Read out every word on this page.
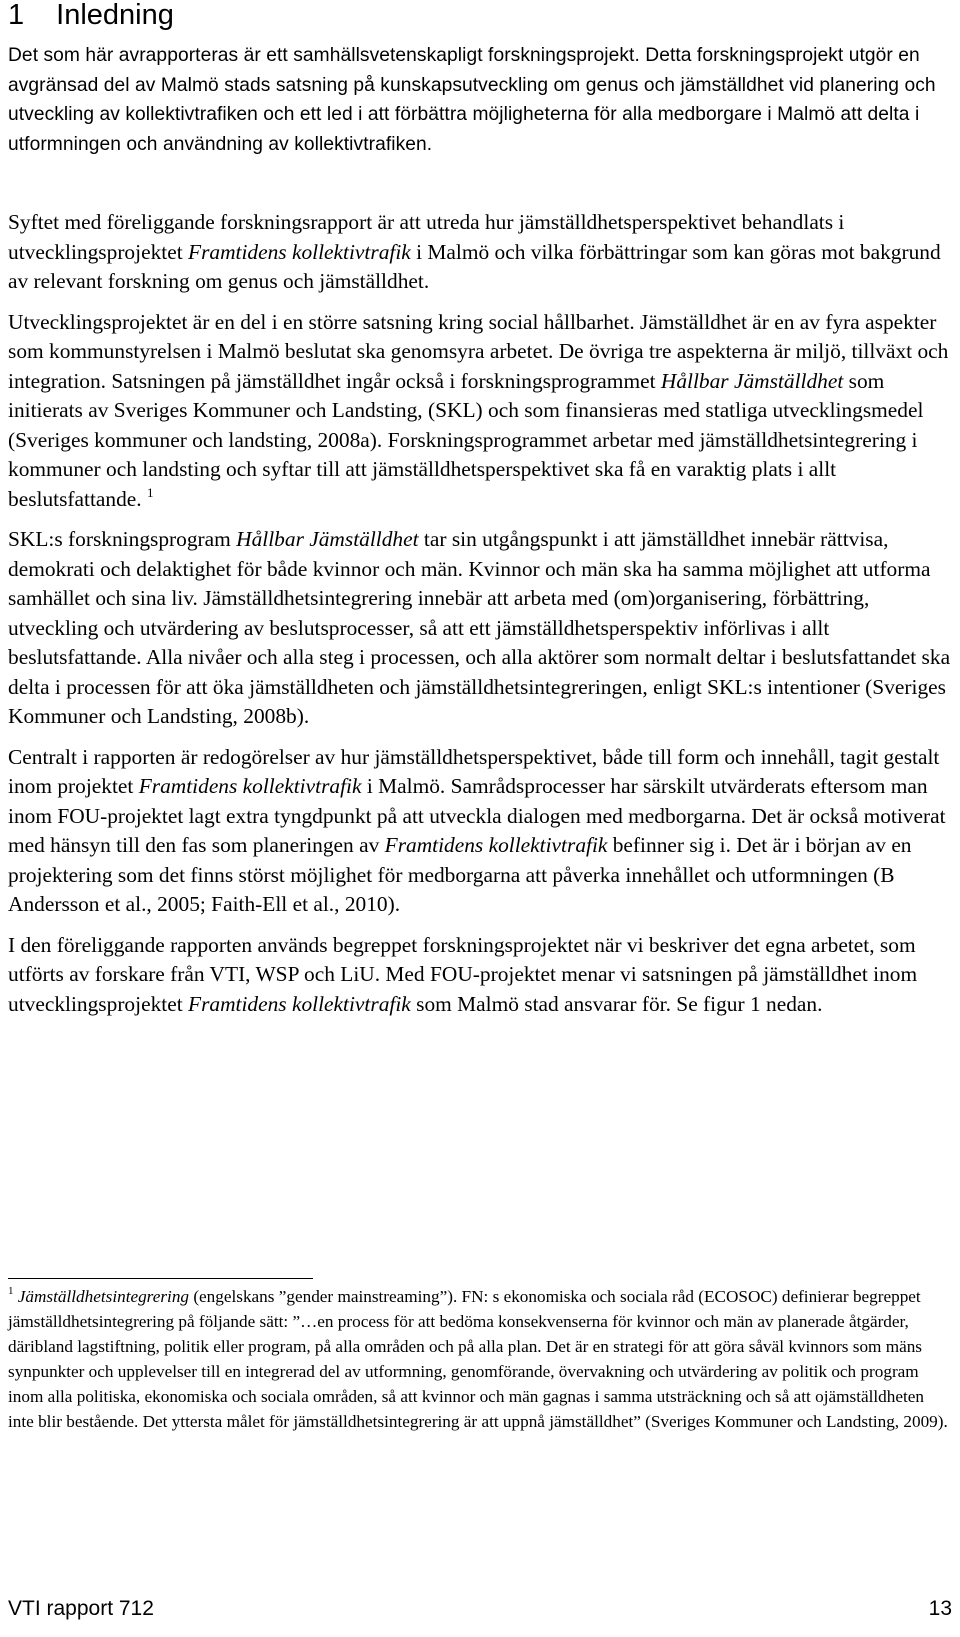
1 Inledning

Det som här avrapporteras är ett samhällsvetenskapligt forskningsprojekt. Detta forskningsprojekt utgör en avgränsad del av Malmö stads satsning på kunskapsutveckling om genus och jämställdhet vid planering och utveckling av kollektivtrafiken och ett led i att förbättra möjligheterna för alla medborgare i Malmö att delta i utformningen och användning av kollektivtrafiken.

Syftet med föreliggande forskningsrapport är att utreda hur jämställdhetsperspektivet behandlats i utvecklingsprojektet Framtidens kollektivtrafik i Malmö och vilka förbättringar som kan göras mot bakgrund av relevant forskning om genus och jämställdhet.

Utvecklingsprojektet är en del i en större satsning kring social hållbarhet. Jämställdhet är en av fyra aspekter som kommunstyrelsen i Malmö beslutat ska genomsyra arbetet. De övriga tre aspekterna är miljö, tillväxt och integration. Satsningen på jämställdhet ingår också i forskningsprogrammet Hållbar Jämställdhet som initierats av Sveriges Kommuner och Landsting, (SKL) och som finansieras med statliga utvecklingsmedel (Sveriges kommuner och landsting, 2008a). Forskningsprogrammet arbetar med jämställdhetsintegrering i kommuner och landsting och syftar till att jämställdhetsperspektivet ska få en varaktig plats i allt beslutsfattande. $^1$

SKL:s forskningsprogram Hållbar Jämställdhet tar sin utgångspunkt i att jämställdhet innebär rättvisa, demokrati och delaktighet för både kvinnor och män. Kvinnor och män ska ha samma möjlighet att utforma samhället och sina liv. Jämställdhetsintegrering innebär att arbeta med (om)organisering, förbättring, utveckling och utvärdering av beslutsprocesser, så att ett jämställdhetsperspektiv införlivas i allt beslutsfattande. Alla nivåer och alla steg i processen, och alla aktörer som normalt deltar i beslutsfattandet ska delta i processen för att öka jämställdheten och jämställdhetsintegreringen, enligt SKL:s intentioner (Sveriges Kommuner och Landsting, 2008b).

Centralt i rapporten är redogörelser av hur jämställdhetsperspektivet, både till form och innehåll, tagit gestalt inom projektet Framtidens kollektivtrafik i Malmö. Samrådsprocesser har särskilt utvärderats eftersom man inom FOU-projektet lagt extra tyngdpunkt på att utveckla dialogen med medborgarna. Det är också motiverat med hänsyn till den fas som planeringen av Framtidens kollektivtrafik befinner sig i. Det är i början av en projektering som det finns störst möjlighet för medborgarna att påverka innehållet och utformningen (B Andersson et al., 2005; Faith-Ell et al., 2010).

I den föreliggande rapporten används begreppet forskningsprojektet när vi beskriver det egna arbetet, som utförts av forskare från VTI, WSP och LiU. Med FOU-projektet menar vi satsningen på jämställdhet inom utvecklingsprojektet Framtidens kollektivtrafik som Malmö stad ansvarar för. Se figur 1 nedan.

$^1$ Jämställdhetsintegrering (engelskans ”gender mainstreaming”). FN: s ekonomiska och sociala råd (ECOSOC) definierar begreppet jämställdhetsintegrering på följande sätt: ”…en process för att bedöma konsekvenserna för kvinnor och män av planerade åtgärder, däribland lagstiftning, politik eller program, på alla områden och på alla plan. Det är en strategi för att göra såväl kvinnors som mäns synpunkter och upplevelser till en integrerad del av utformning, genomförande, övervakning och utvärdering av politik och program inom alla politiska, ekonomiska och sociala områden, så att kvinnor och män gagnas i samma utsträckning och så att ojämställdheten inte blir bestående. Det yttersta målet för jämställdhetsintegrering är att uppnå jämställdhet” (Sveriges Kommuner och Landsting, 2009).

VTI rapport 712	13
